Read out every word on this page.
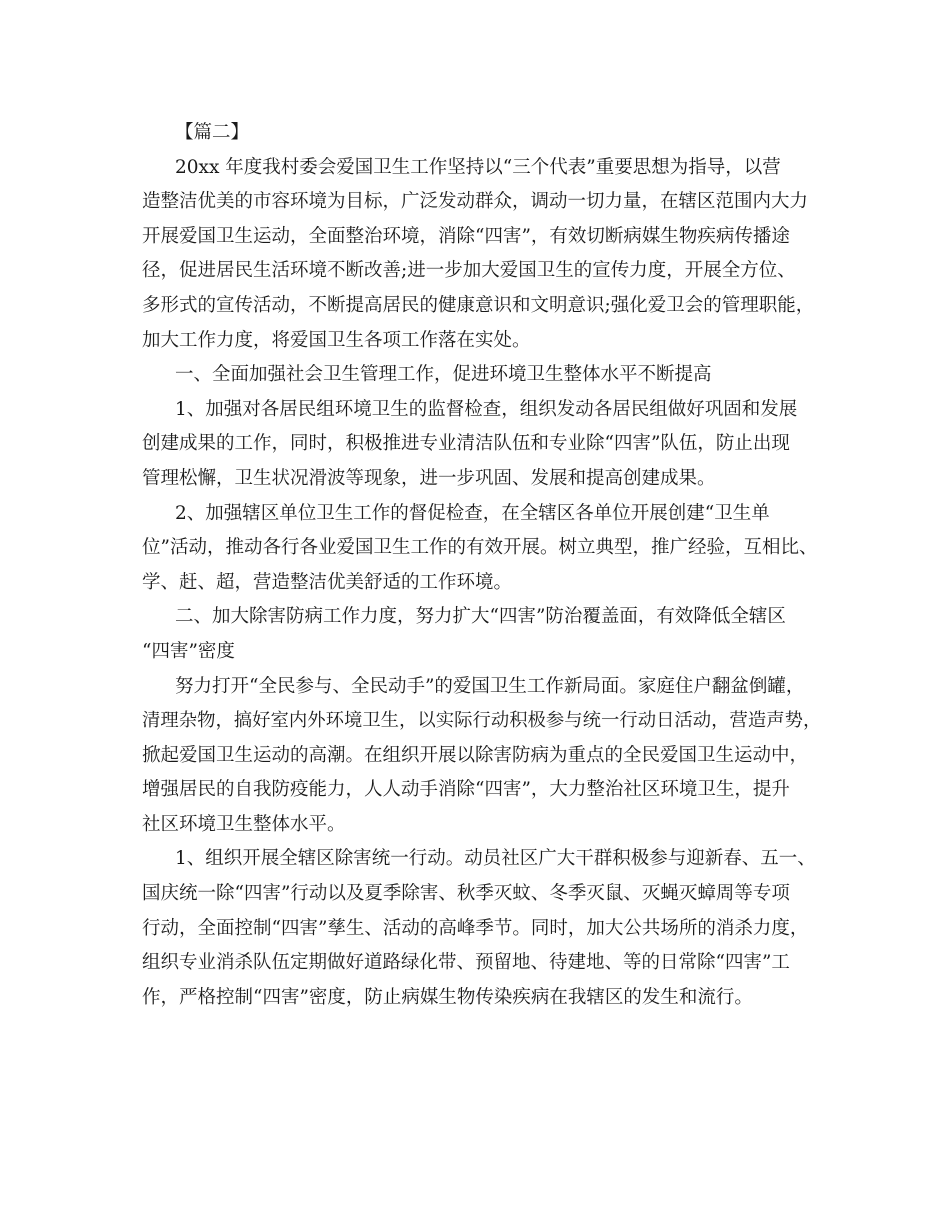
【篇二】
20xx 年度我村委会爱国卫生工作坚持以“三个代表”重要思想为指导，以营
造整洁优美的市容环境为目标，广泛发动群众，调动一切力量，在辖区范围内大力
开展爱国卫生运动，全面整治环境，消除“四害”，有效切断病媒生物疾病传播途
径，促进居民生活环境不断改善;进一步加大爱国卫生的宣传力度，开展全方位、
多形式的宣传活动，不断提高居民的健康意识和文明意识;强化爱卫会的管理职能，
加大工作力度，将爱国卫生各项工作落在实处。
一、全面加强社会卫生管理工作，促进环境卫生整体水平不断提高
1、加强对各居民组环境卫生的监督检查，组织发动各居民组做好巩固和发展
创建成果的工作，同时，积极推进专业清洁队伍和专业除“四害”队伍，防止出现
管理松懈，卫生状况滑波等现象，进一步巩固、发展和提高创建成果。
2、加强辖区单位卫生工作的督促检查，在全辖区各单位开展创建“卫生单
位”活动，推动各行各业爱国卫生工作的有效开展。树立典型，推广经验，互相比、
学、赶、超，营造整洁优美舒适的工作环境。
二、加大除害防病工作力度，努力扩大“四害”防治覆盖面，有效降低全辖区
“四害”密度
努力打开“全民参与、全民动手”的爱国卫生工作新局面。家庭住户翻盆倒罐，
清理杂物，搞好室内外环境卫生，以实际行动积极参与统一行动日活动，营造声势，
掀起爱国卫生运动的高潮。在组织开展以除害防病为重点的全民爱国卫生运动中，
增强居民的自我防疫能力，人人动手消除“四害”，大力整治社区环境卫生，提升
社区环境卫生整体水平。
1、组织开展全辖区除害统一行动。动员社区广大干群积极参与迎新春、五一、
国庆统一除“四害”行动以及夏季除害、秋季灭蚊、冬季灭鼠、灭蝇灭蟑周等专项
行动，全面控制“四害”孳生、活动的高峰季节。同时，加大公共场所的消杀力度，
组织专业消杀队伍定期做好道路绿化带、预留地、待建地、等的日常除“四害”工
作，严格控制“四害”密度，防止病媒生物传染疾病在我辖区的发生和流行。
